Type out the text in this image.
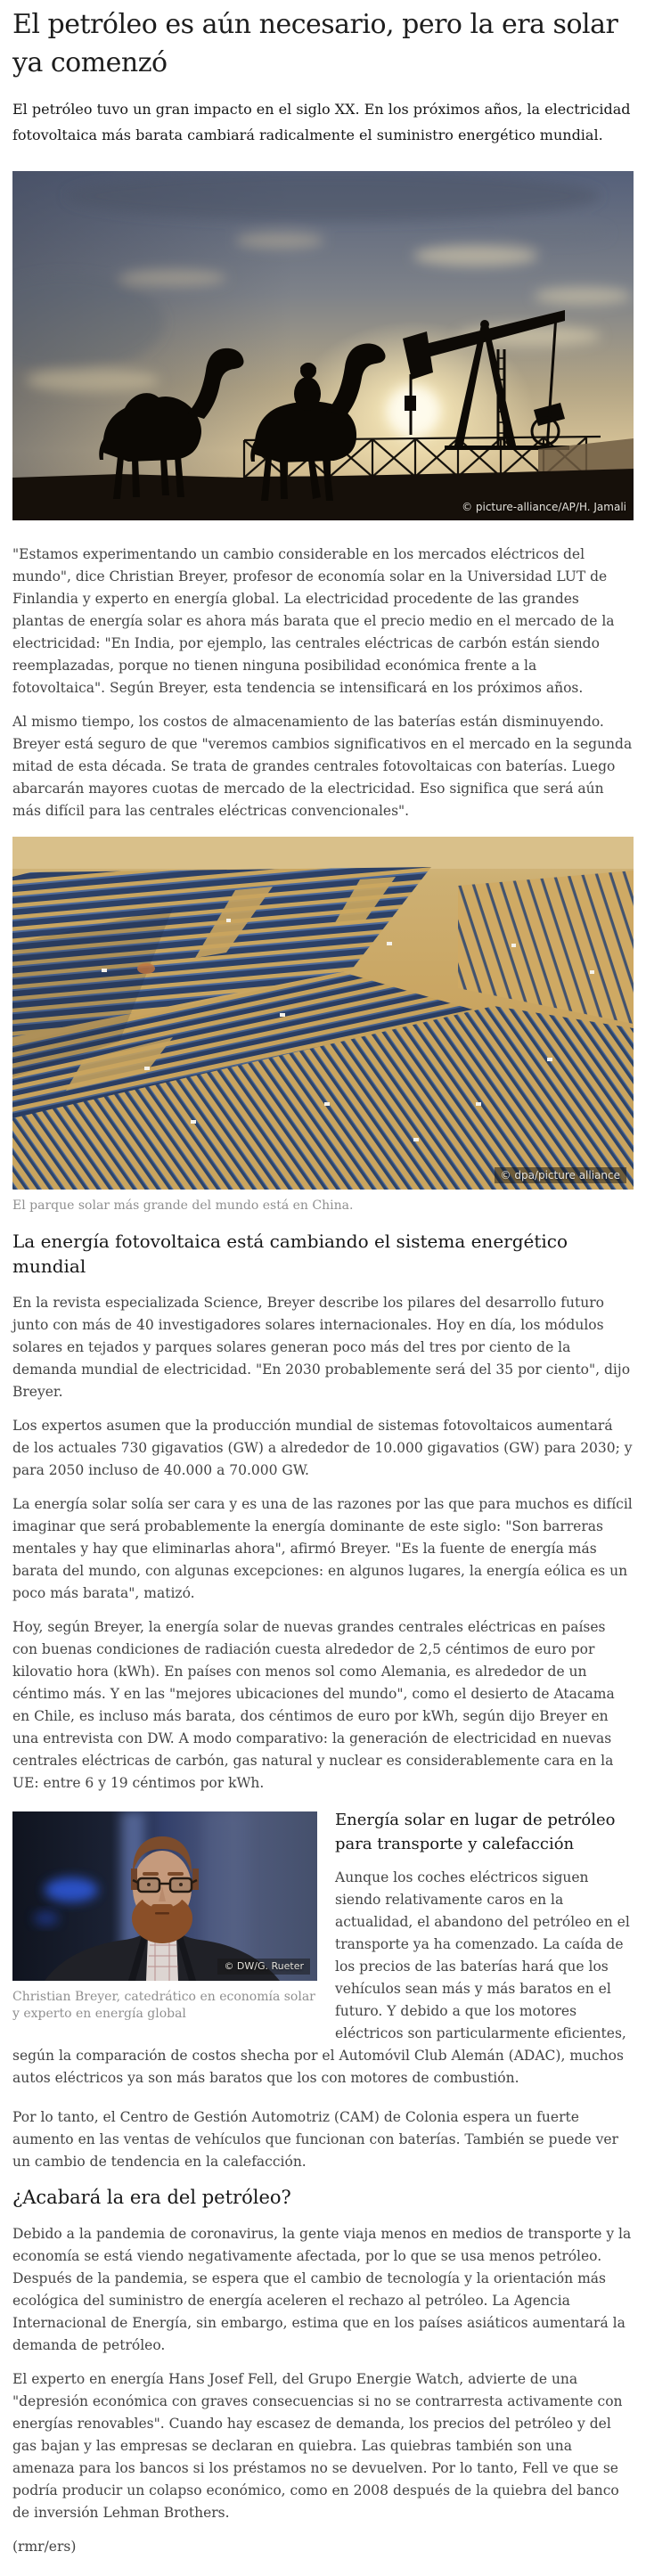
El petróleo es aún necesario, pero la era solar ya comenzó

El petróleo tuvo un gran impacto en el siglo XX. En los próximos años, la electricidad fotovoltaica más barata cambiará radicalmente el suministro energético mundial.

© picture-alliance/AP/H. Jamali

"Estamos experimentando un cambio considerable en los mercados eléctricos del mundo", dice Christian Breyer, profesor de economía solar en la Universidad LUT de Finlandia y experto en energía global. La electricidad procedente de las grandes plantas de energía solar es ahora más barata que el precio medio en el mercado de la electricidad: "En India, por ejemplo, las centrales eléctricas de carbón están siendo reemplazadas, porque no tienen ninguna posibilidad económica frente a la fotovoltaica". Según Breyer, esta tendencia se intensificará en los próximos años.

Al mismo tiempo, los costos de almacenamiento de las baterías están disminuyendo. Breyer está seguro de que "veremos cambios significativos en el mercado en la segunda mitad de esta década. Se trata de grandes centrales fotovoltaicas con baterías. Luego abarcarán mayores cuotas de mercado de la electricidad. Eso significa que será aún más difícil para las centrales eléctricas convencionales".

© dpa/picture alliance
El parque solar más grande del mundo está en China.
La energía fotovoltaica está cambiando el sistema energético mundial

En la revista especializada Science, Breyer describe los pilares del desarrollo futuro junto con más de 40 investigadores solares internacionales. Hoy en día, los módulos solares en tejados y parques solares generan poco más del tres por ciento de la demanda mundial de electricidad. "En 2030 probablemente será del 35 por ciento", dijo Breyer.

Los expertos asumen que la producción mundial de sistemas fotovoltaicos aumentará de los actuales 730 gigavatios (GW) a alrededor de 10.000 gigavatios (GW) para 2030; y para 2050 incluso de 40.000 a 70.000 GW.

La energía solar solía ser cara y es una de las razones por las que para muchos es difícil imaginar que será probablemente la energía dominante de este siglo: "Son barreras mentales y hay que eliminarlas ahora", afirmó Breyer. "Es la fuente de energía más barata del mundo, con algunas excepciones: en algunos lugares, la energía eólica es un poco más barata", matizó.

Hoy, según Breyer, la energía solar de nuevas grandes centrales eléctricas en países con buenas condiciones de radiación cuesta alrededor de 2,5 céntimos de euro por kilovatio hora (kWh). En países con menos sol como Alemania, es alrededor de un céntimo más. Y en las "mejores ubicaciones del mundo", como el desierto de Atacama en Chile, es incluso más barata, dos céntimos de euro por kWh, según dijo Breyer en una entrevista con DW. A modo comparativo: la generación de electricidad en nuevas centrales eléctricas de carbón, gas natural y nuclear es considerablemente cara en la UE: entre 6 y 19 céntimos por kWh.

© DW/G. Rueter
Christian Breyer, catedrático en economía solar y experto en energía global
Energía solar en lugar de petróleo para transporte y calefacción

Aunque los coches eléctricos siguen siendo relativamente caros en la actualidad, el abandono del petróleo en el transporte ya ha comenzado. La caída de los precios de las baterías hará que los vehículos sean más y más baratos en el futuro. Y debido a que los motores eléctricos son particularmente eficientes, según la comparación de costos shecha por el Automóvil Club Alemán (ADAC), muchos autos eléctricos ya son más baratos que los con motores de combustión.

Por lo tanto, el Centro de Gestión Automotriz (CAM) de Colonia espera un fuerte aumento en las ventas de vehículos que funcionan con baterías. También se puede ver un cambio de tendencia en la calefacción.

¿Acabará la era del petróleo?

Debido a la pandemia de coronavirus, la gente viaja menos en medios de transporte y la economía se está viendo negativamente afectada, por lo que se usa menos petróleo. Después de la pandemia, se espera que el cambio de tecnología y la orientación más ecológica del suministro de energía aceleren el rechazo al petróleo. La Agencia Internacional de Energía, sin embargo, estima que en los países asiáticos aumentará la demanda de petróleo.

El experto en energía Hans Josef Fell, del Grupo Energie Watch, advierte de una "depresión económica con graves consecuencias si no se contrarresta activamente con energías renovables". Cuando hay escasez de demanda, los precios del petróleo y del gas bajan y las empresas se declaran en quiebra. Las quiebras también son una amenaza para los bancos si los préstamos no se devuelven. Por lo tanto, Fell ve que se podría producir un colapso económico, como en 2008 después de la quiebra del banco de inversión Lehman Brothers.

(rmr/ers)
